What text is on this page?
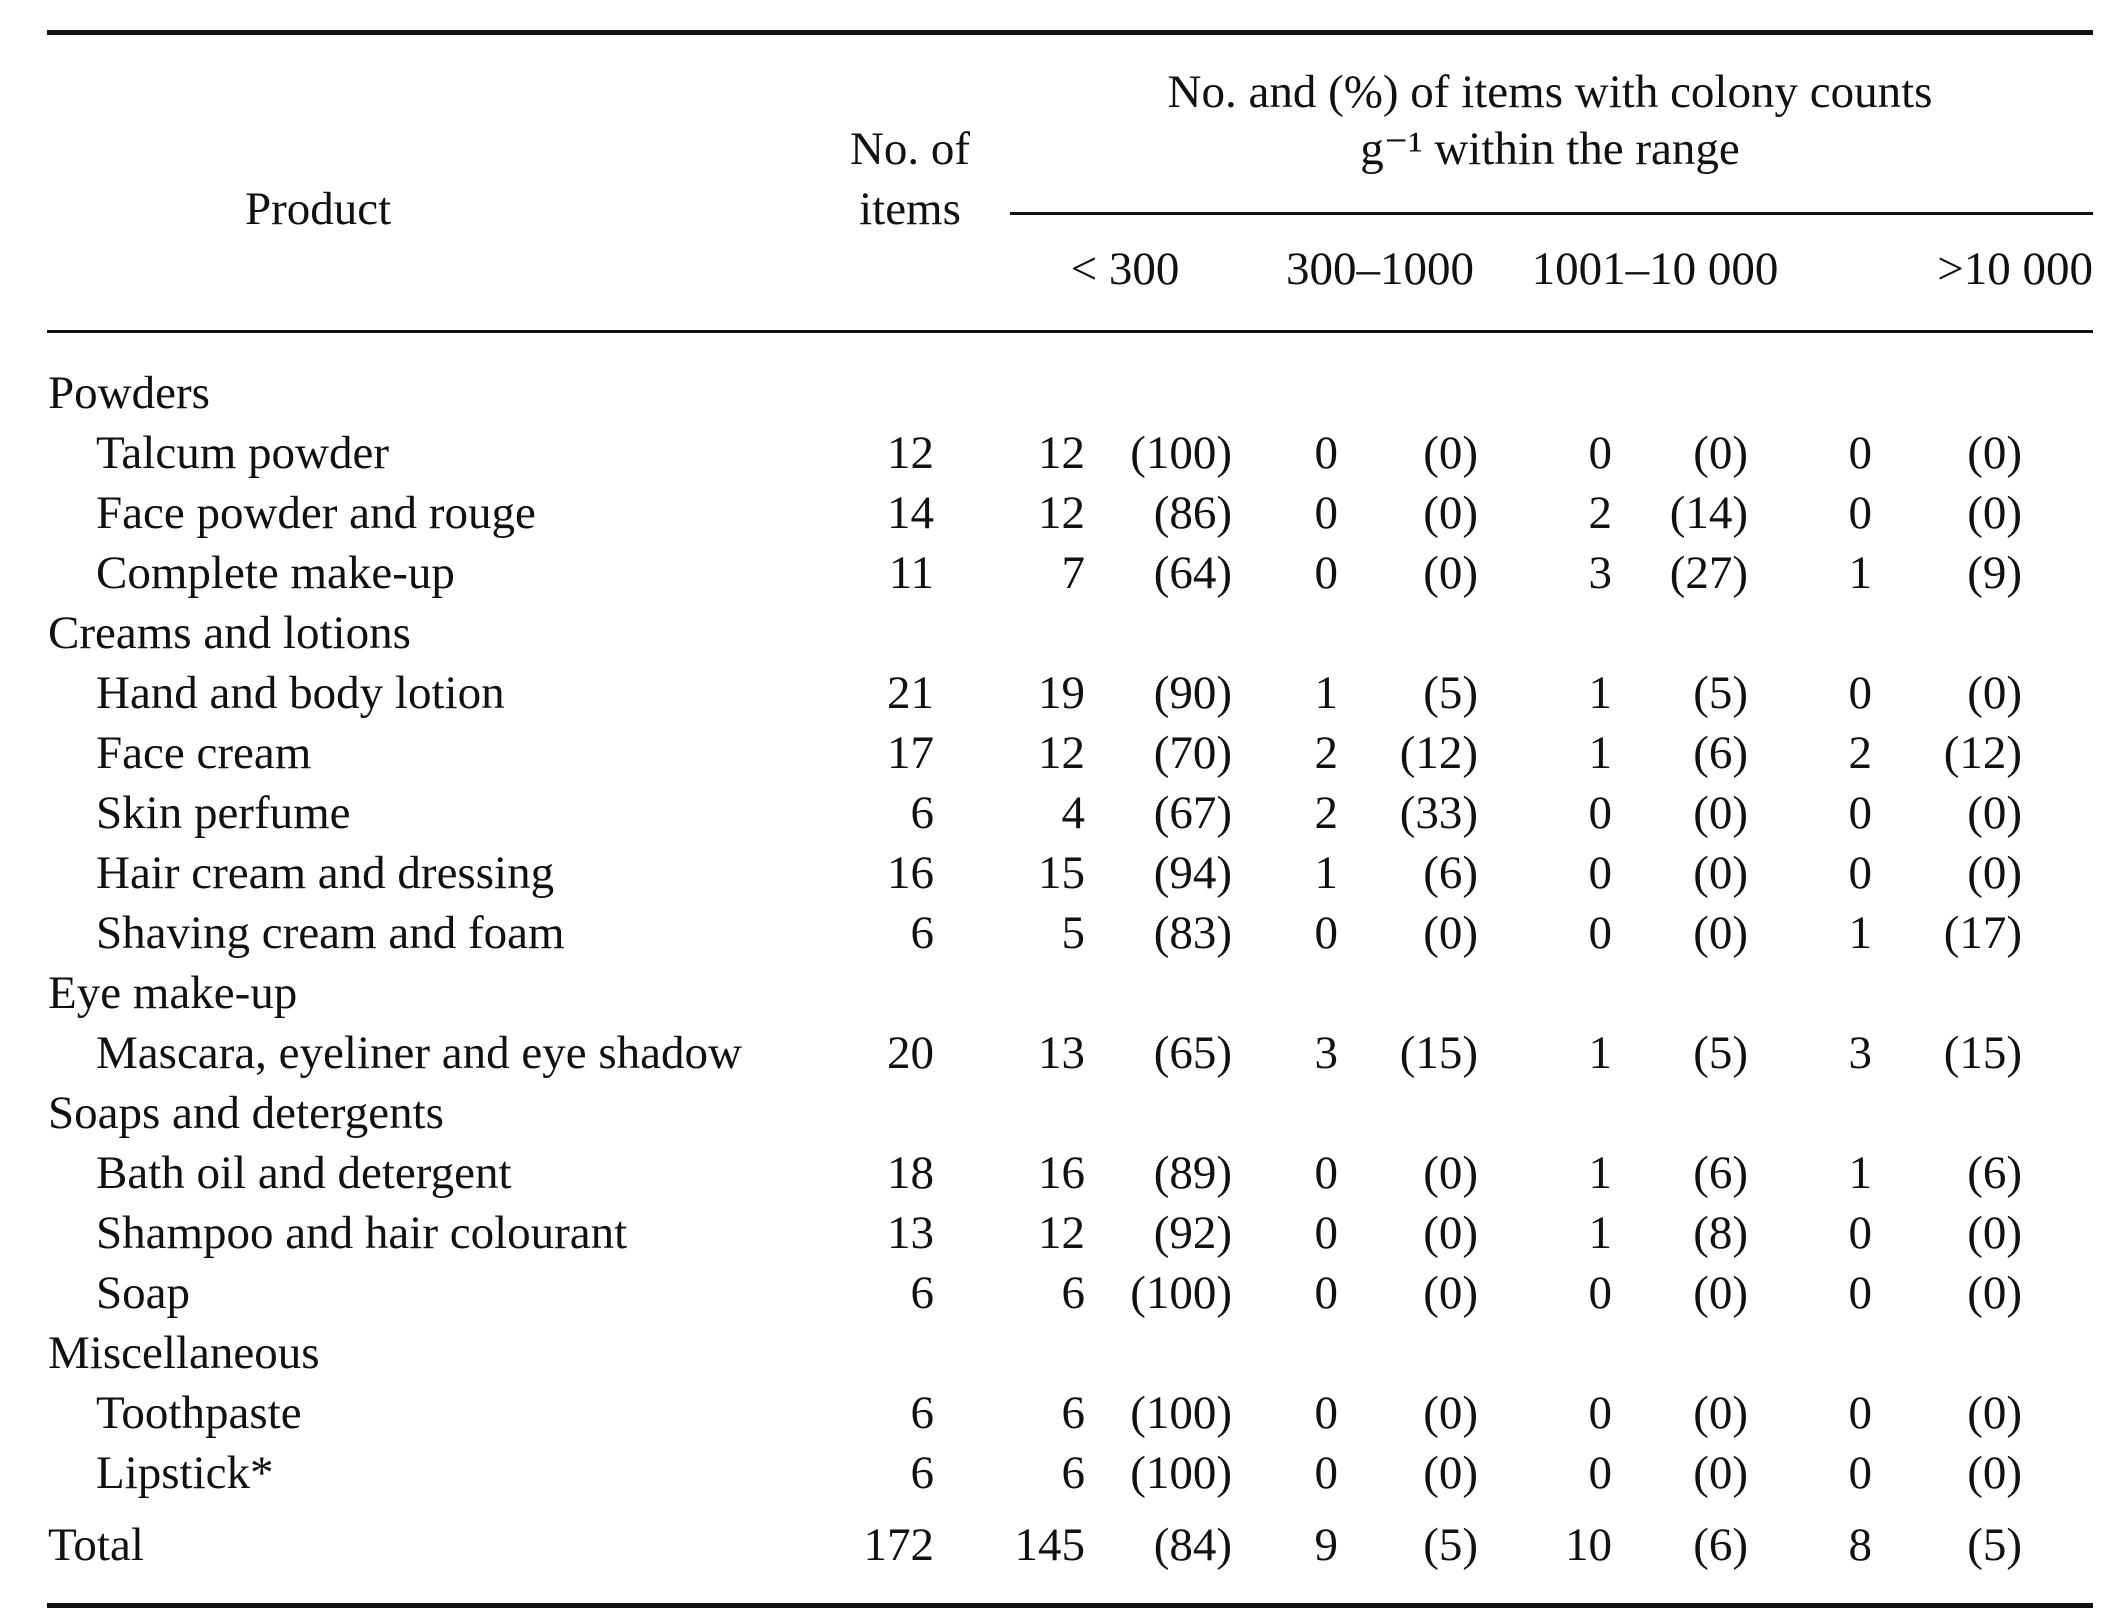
Product
No. of
items
No. and (%) of items with colony counts
g⁻¹ within the range
< 300	300–1000	1001–10 000	>10 000
Powders
Talcum powder	12	12 (100)	0	(0)	0	(0)	0	(0)
Face powder and rouge	14	12	(86)	0	(0)	2	(14)	0	(0)
Complete make-up	11	7	(64)	0	(0)	3	(27)	1	(9)
Creams and lotions
Hand and body lotion	21	19	(90)	1	(5)	1	(5)	0	(0)
Face cream	17	12	(70)	2	(12)	1	(6)	2	(12)
Skin perfume	6	4	(67)	2	(33)	0	(0)	0	(0)
Hair cream and dressing	16	15	(94)	1	(6)	0	(0)	0	(0)
Shaving cream and foam	6	5	(83)	0	(0)	0	(0)	1	(17)
Eye make-up
Mascara, eyeliner and eye shadow	20	13	(65)	3	(15)	1	(5)	3	(15)
Soaps and detergents
Bath oil and detergent	18	16	(89)	0	(0)	1	(6)	1	(6)
Shampoo and hair colourant	13	12	(92)	0	(0)	1	(8)	0	(0)
Soap	6	6 (100)	0	(0)	0	(0)	0	(0)
Miscellaneous
Toothpaste	6	6 (100)	0	(0)	0	(0)	0	(0)
Lipstick*	6	6 (100)	0	(0)	0	(0)	0	(0)
Total	172	145	(84)	9	(5)	10	(6)	8	(5)
